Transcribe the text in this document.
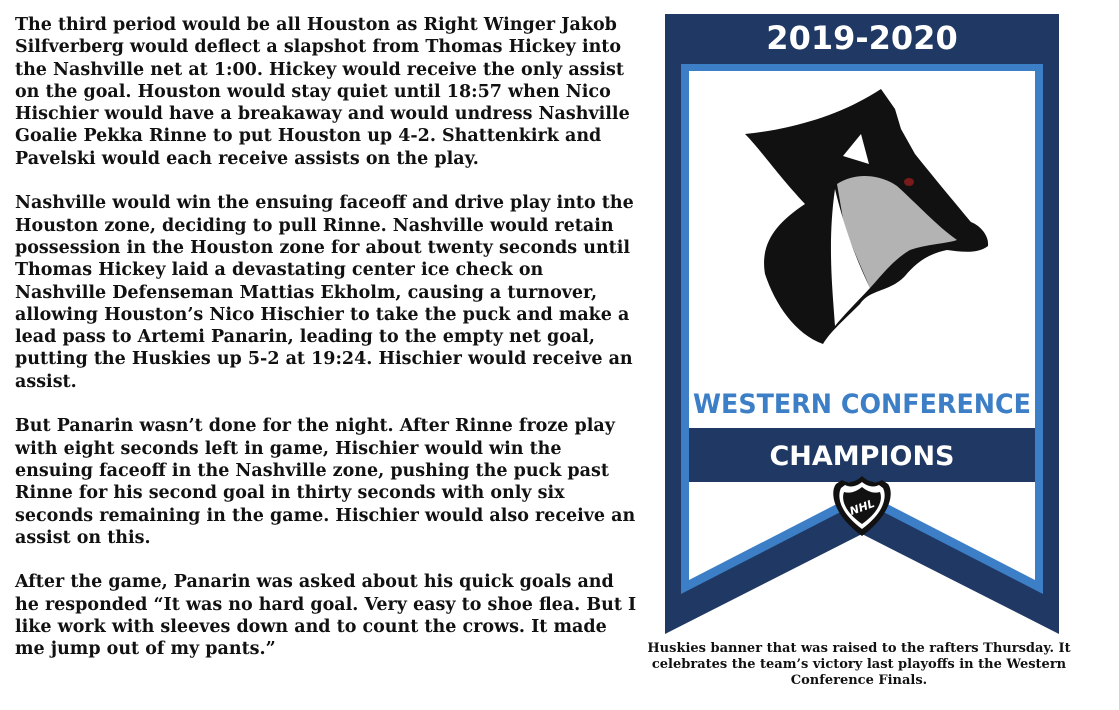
The third period would be all Houston as Right Winger Jakob Silfverberg would deflect a slapshot from Thomas Hickey into the Nashville net at 1:00. Hickey would receive the only assist on the goal. Houston would stay quiet until 18:57 when Nico Hischier would have a breakaway and would undress Nashville Goalie Pekka Rinne to put Houston up 4-2. Shattenkirk and Pavelski would each receive assists on the play.

Nashville would win the ensuing faceoff and drive play into the Houston zone, deciding to pull Rinne. Nashville would retain possession in the Houston zone for about twenty seconds until Thomas Hickey laid a devastating center ice check on Nashville Defenseman Mattias Ekholm, causing a turnover, allowing Houston’s Nico Hischier to take the puck and make a lead pass to Artemi Panarin, leading to the empty net goal, putting the Huskies up 5-2 at 19:24. Hischier would receive an assist.

But Panarin wasn’t done for the night. After Rinne froze play with eight seconds left in game, Hischier would win the ensuing faceoff in the Nashville zone, pushing the puck past Rinne for his second goal in thirty seconds with only six seconds remaining in the game. Hischier would also receive an assist on this.

After the game, Panarin was asked about his quick goals and he responded “It was no hard goal. Very easy to shoe flea. But I like work with sleeves down and to count the crows. It made me jump out of my pants.”

2019-2020
WESTERN CONFERENCE
CHAMPIONS
NHL
Huskies banner that was raised to the rafters Thursday. It celebrates the team’s victory last playoffs in the Western Conference Finals.
